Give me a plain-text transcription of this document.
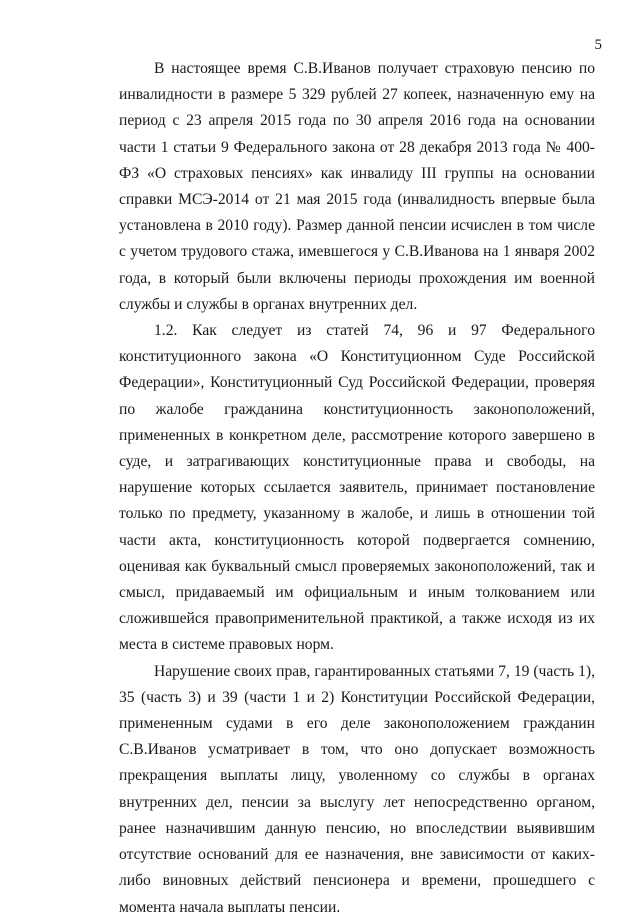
5

В настоящее время С.В.Иванов получает страховую пенсию по инвалидности в размере 5 329 рублей 27 копеек, назначенную ему на период с 23 апреля 2015 года по 30 апреля 2016 года на основании части 1 статьи 9 Федерального закона от 28 декабря 2013 года № 400-ФЗ «О страховых пенсиях» как инвалиду III группы на основании справки МСЭ-2014 от 21 мая 2015 года (инвалидность впервые была установлена в 2010 году). Размер данной пенсии исчислен в том числе с учетом трудового стажа, имевшегося у С.В.Иванова на 1 января 2002 года, в который были включены периоды прохождения им военной службы и службы в органах внутренних дел.

1.2. Как следует из статей 74, 96 и 97 Федерального конституционного закона «О Конституционном Суде Российской Федерации», Конституционный Суд Российской Федерации, проверяя по жалобе гражданина конституционность законоположений, примененных в конкретном деле, рассмотрение которого завершено в суде, и затрагивающих конституционные права и свободы, на нарушение которых ссылается заявитель, принимает постановление только по предмету, указанному в жалобе, и лишь в отношении той части акта, конституционность которой подвергается сомнению, оценивая как буквальный смысл проверяемых законоположений, так и смысл, придаваемый им официальным и иным толкованием или сложившейся правоприменительной практикой, а также исходя из их места в системе правовых норм.

Нарушение своих прав, гарантированных статьями 7, 19 (часть 1), 35 (часть 3) и 39 (части 1 и 2) Конституции Российской Федерации, примененным судами в его деле законоположением гражданин С.В.Иванов усматривает в том, что оно допускает возможность прекращения выплаты лицу, уволенному со службы в органах внутренних дел, пенсии за выслугу лет непосредственно органом, ранее назначившим данную пенсию, но впоследствии выявившим отсутствие оснований для ее назначения, вне зависимости от каких-либо виновных действий пенсионера и времени, прошедшего с момента начала выплаты пенсии.
